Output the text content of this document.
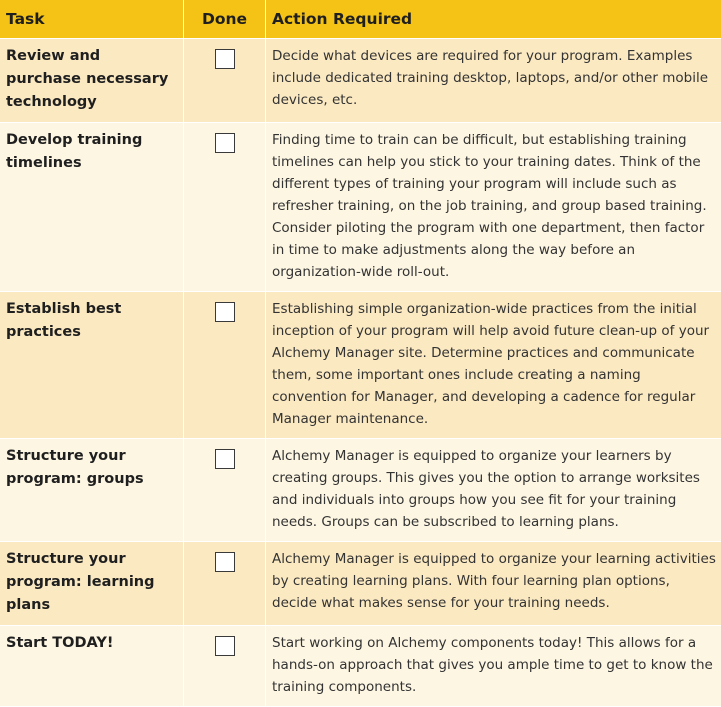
Task	Done	Action Required
Review and purchase necessary technology		Decide what devices are required for your program. Examples include dedicated training desktop, laptops, and/or other mobile devices, etc.
Develop training timelines		Finding time to train can be difficult, but establishing training timelines can help you stick to your training dates. Think of the different types of training your program will include such as refresher training, on the job training, and group based training. Consider piloting the program with one department, then factor in time to make adjustments along the way before an organization-wide roll-out.
Establish best practices		Establishing simple organization-wide practices from the initial inception of your program will help avoid future clean-up of your Alchemy Manager site. Determine practices and communicate them, some important ones include creating a naming convention for Manager, and developing a cadence for regular Manager maintenance.
Structure your program: groups		Alchemy Manager is equipped to organize your learners by creating groups. This gives you the option to arrange worksites and individuals into groups how you see fit for your training needs. Groups can be subscribed to learning plans.
Structure your program: learning plans		Alchemy Manager is equipped to organize your learning activities by creating learning plans. With four learning plan options, decide what makes sense for your training needs.
Start TODAY!		Start working on Alchemy components today! This allows for a hands-on approach that gives you ample time to get to know the training components.
